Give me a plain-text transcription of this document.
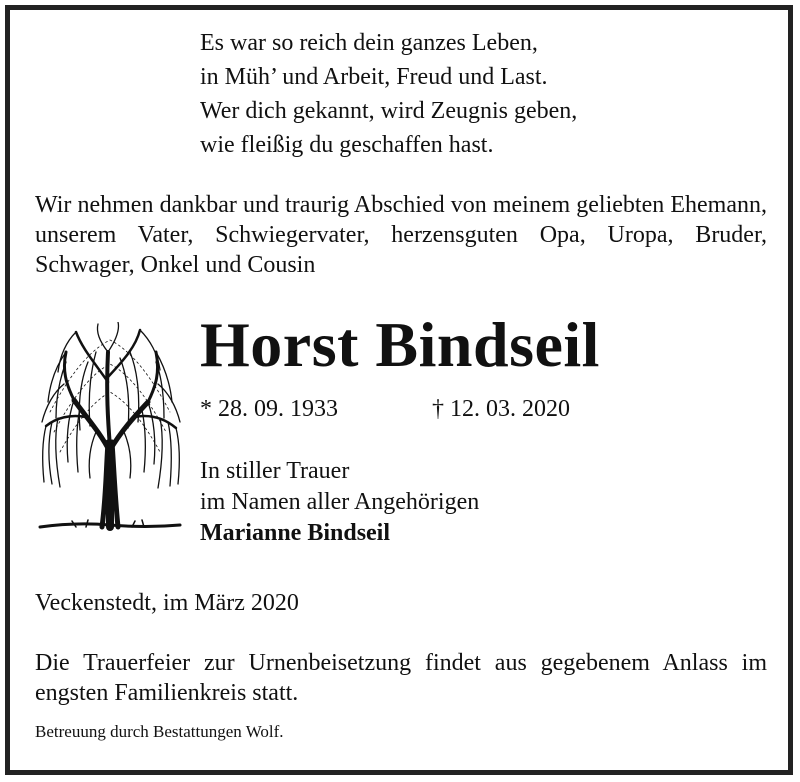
Es war so reich dein ganzes Leben,
in Müh’ und Arbeit, Freud und Last.
Wer dich gekannt, wird Zeugnis geben,
wie fleißig du geschaffen hast.
Wir nehmen dankbar und traurig Abschied von meinem geliebten Ehemann, unserem Vater, Schwiegervater, herzensguten Opa, Uropa, Bruder, Schwager, Onkel und Cousin
Horst Bindseil
* 28. 09. 1933	† 12. 03. 2020
In stiller Trauer
im Namen aller Angehörigen
Marianne Bindseil
Veckenstedt, im März 2020
Die Trauerfeier zur Urnenbeisetzung findet aus gegebenem Anlass im engsten Familienkreis statt.
Betreuung durch Bestattungen Wolf.
